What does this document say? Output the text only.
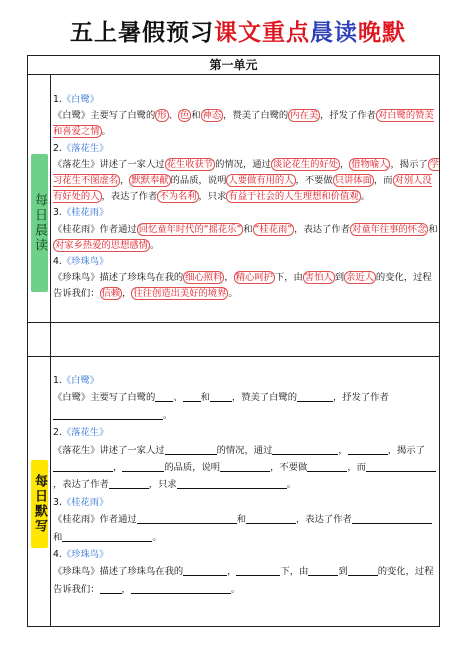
五上暑假预习课文重点晨读晚默
第一单元
每日晨读
每日默写

1.《白鹭》
《白鹭》主要写了白鹭的 形 、 色 和 神态 ，赞美了白鹭的 内在美 ，抒发了作者 对白鹭的赞美和喜爱之情 。

2.《落花生》
《落花生》讲述了一家人过 花生收获节 的情况，通过 谈论花生的好处 ， 借物喻人 ，揭示了 学习花生不图虚名 ， 默默奉献 的品质，说明 人要做有用的人 ，不要做 只讲体面 ，而 对别人没有好处的人 ，表达了作者 不为名利 ，只求 有益于社会的人生理想和价值观 。

3.《桂花雨》
《桂花雨》作者通过 回忆童年时代的“摇花乐” 和 “桂花雨” ，表达了作者 对童年往事的怀念 和对家乡热爱的思想感情 。

4.《珍珠鸟》
《珍珠鸟》描述了珍珠鸟在我的 细心照料 ， 精心呵护 下，由 害怕人 到 亲近人 的变化，过程告诉我们： 信赖 ， 往往创造出美好的境界 。

1.《白鹭》
《白鹭》主要写了白鹭的 、 和 ，赞美了白鹭的	，抒发了作者。

2.《落花生》
《落花生》讲述了一家人过	的情况，通过	，	，揭示了，	的品质，说明	，不要做	，而，表达了作者	，只求	。

3.《桂花雨》
《桂花雨》作者通过	和	，表达了作者和	。

4.《珍珠鸟》
《珍珠鸟》描述了珍珠鸟在我的	，	下，由	到	的变化，过程告诉我们： ，	。
